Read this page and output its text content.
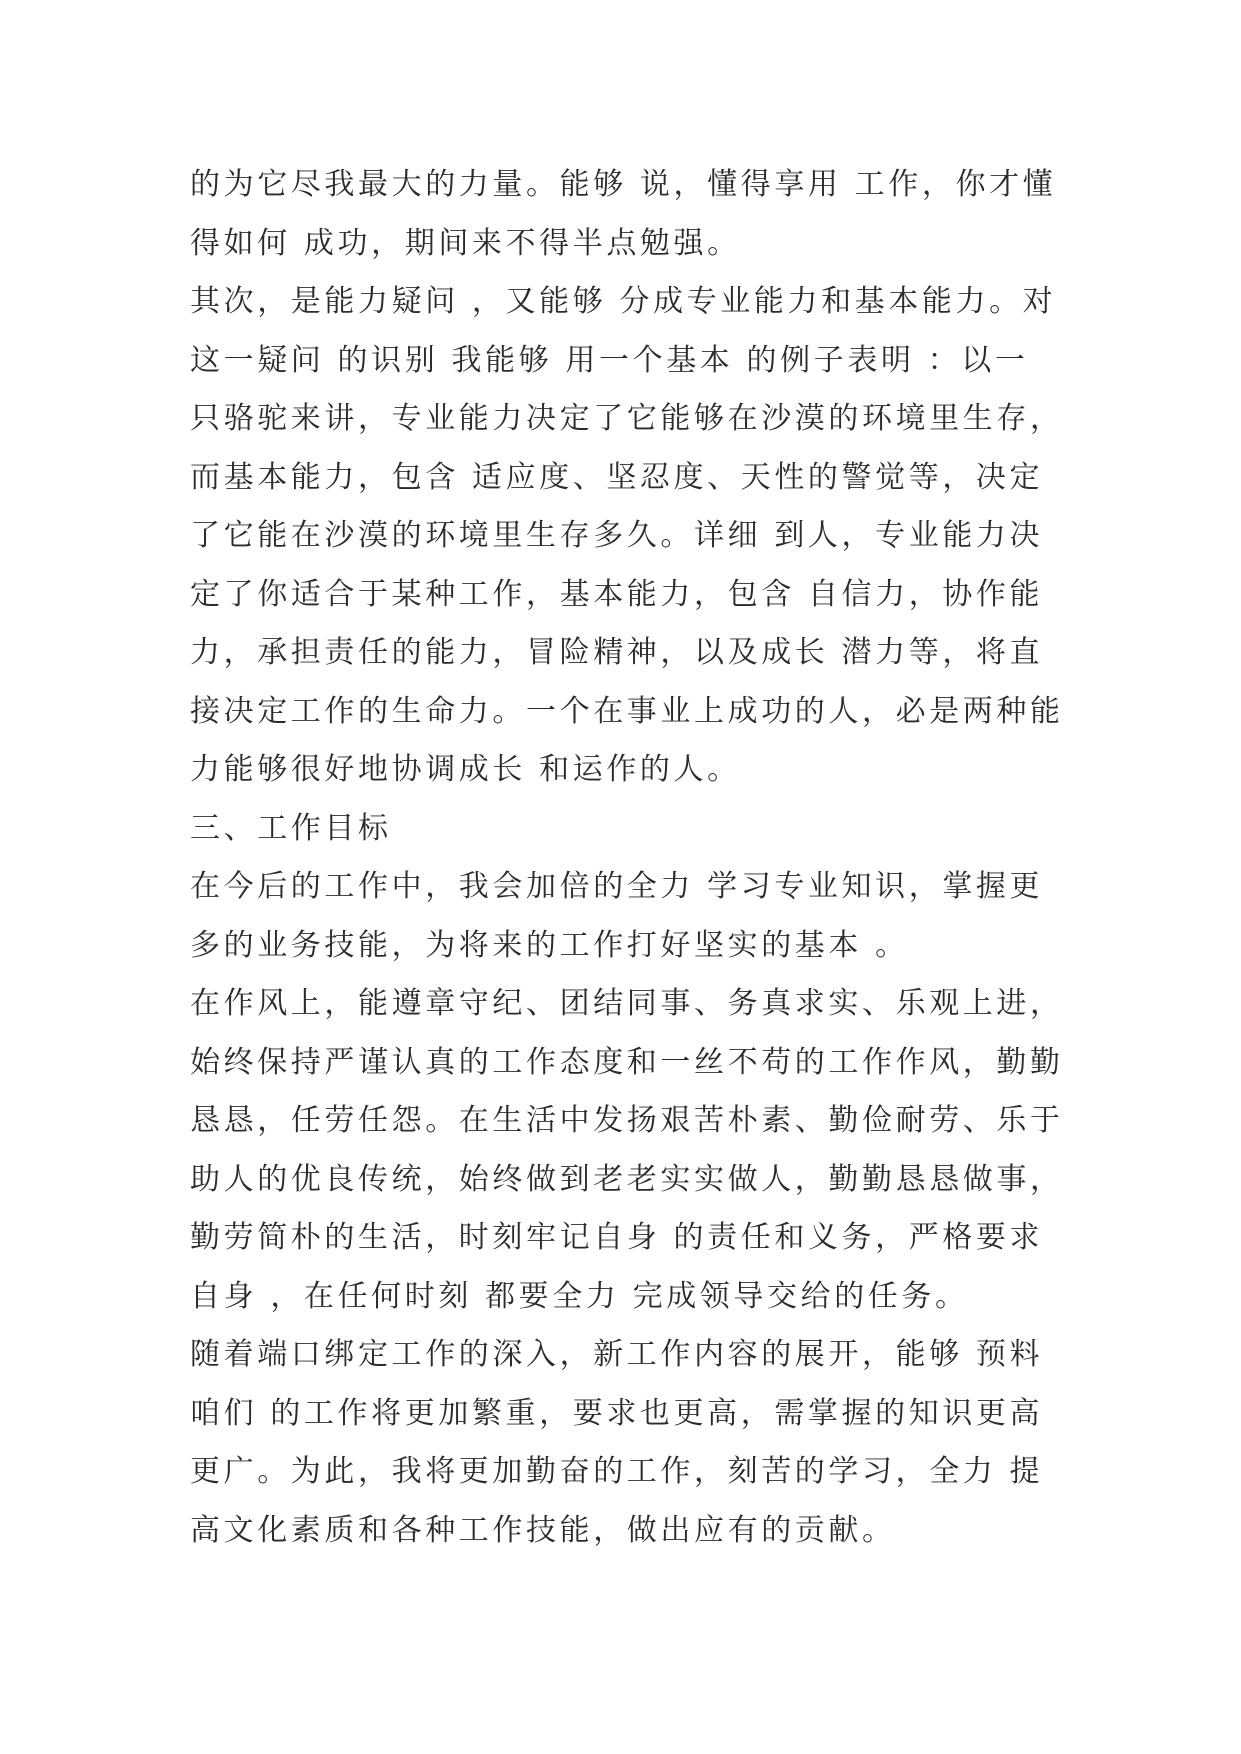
的为它尽我最大的力量。能够 说，懂得享用 工作，你才懂
得如何 成功，期间来不得半点勉强。
其次，是能力疑问 ，又能够 分成专业能力和基本能力。对
这一疑问 的识别 我能够 用一个基本 的例子表明 ：以一
只骆驼来讲，专业能力决定了它能够在沙漠的环境里生存，
而基本能力，包含 适应度、坚忍度、天性的警觉等，决定
了它能在沙漠的环境里生存多久。详细 到人，专业能力决
定了你适合于某种工作，基本能力，包含 自信力，协作能
力，承担责任的能力，冒险精神，以及成长 潜力等，将直
接决定工作的生命力。一个在事业上成功的人，必是两种能
力能够很好地协调成长 和运作的人。
三、工作目标
在今后的工作中，我会加倍的全力 学习专业知识，掌握更
多的业务技能，为将来的工作打好坚实的基本 。
在作风上，能遵章守纪、团结同事、务真求实、乐观上进，
始终保持严谨认真的工作态度和一丝不苟的工作作风，勤勤
恳恳，任劳任怨。在生活中发扬艰苦朴素、勤俭耐劳、乐于
助人的优良传统，始终做到老老实实做人，勤勤恳恳做事，
勤劳简朴的生活，时刻牢记自身 的责任和义务，严格要求
自身 ，在任何时刻 都要全力 完成领导交给的任务。
随着端口绑定工作的深入，新工作内容的展开，能够 预料
咱们 的工作将更加繁重，要求也更高，需掌握的知识更高
更广。为此，我将更加勤奋的工作，刻苦的学习，全力 提
高文化素质和各种工作技能，做出应有的贡献。
